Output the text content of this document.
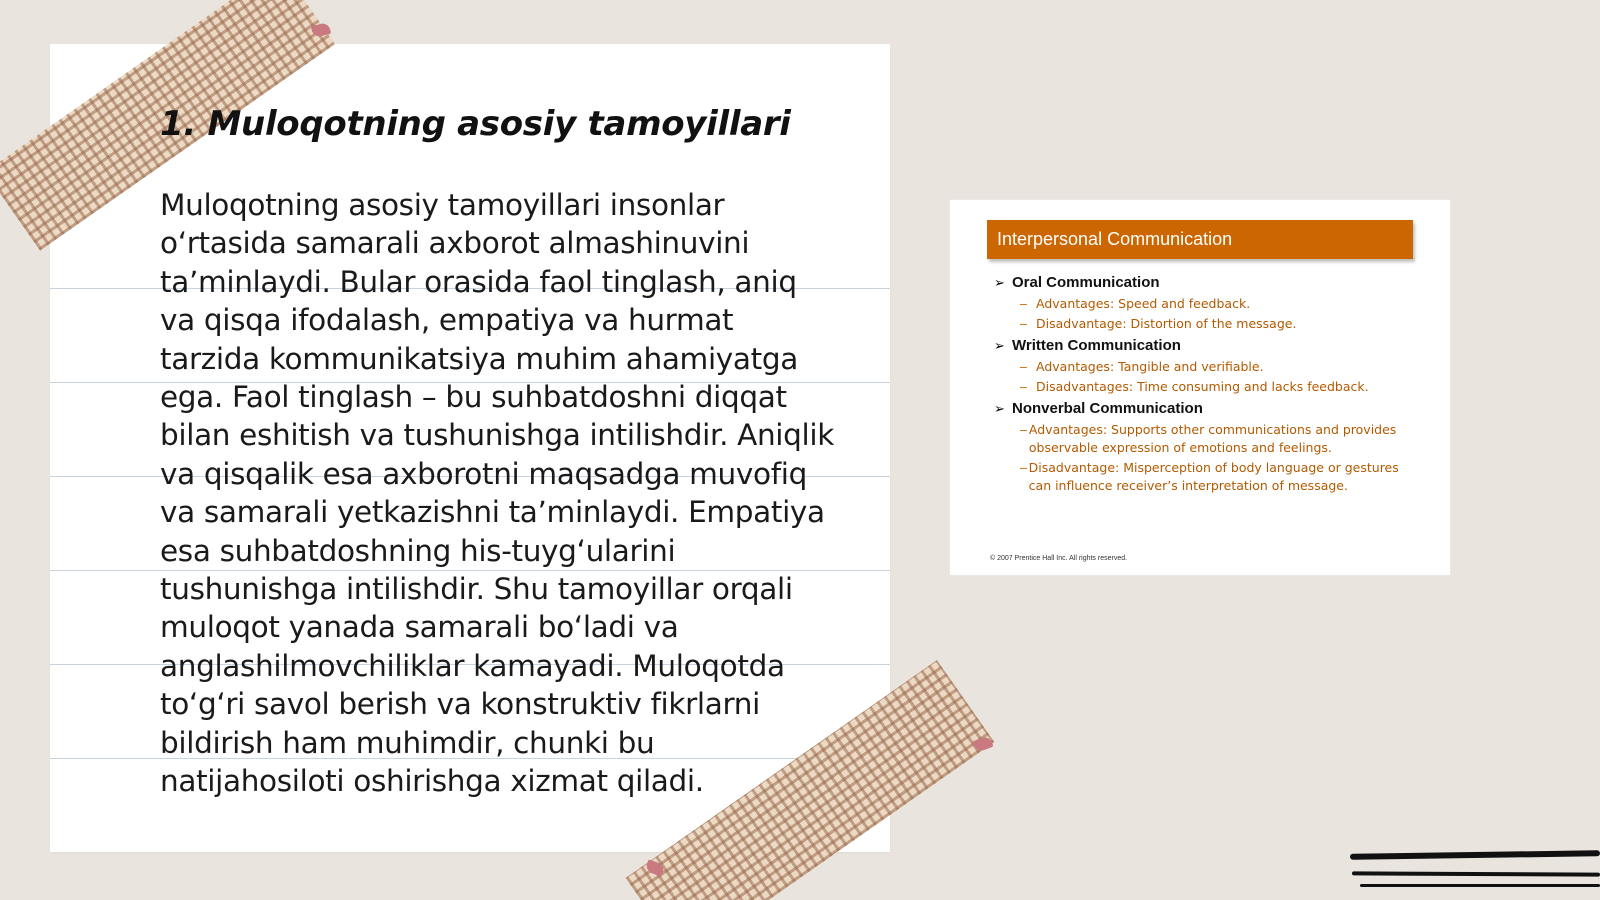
1. Muloqotning asosiy tamoyillari

Muloqotning asosiy tamoyillari insonlar oʻrtasida samarali axborot almashinuvini taʼminlaydi. Bular orasida faol tinglash, aniq va qisqa ifodalash, empatiya va hurmat tarzida kommunikatsiya muhim ahamiyatga ega. Faol tinglash – bu suhbatdoshni diqqat bilan eshitish va tushunishga intilishdir. Aniqlik va qisqalik esa axborotni maqsadga muvofiq va samarali yetkazishni taʼminlaydi. Empatiya esa suhbatdoshning his-tuygʻularini tushunishga intilishdir. Shu tamoyillar orqali muloqot yanada samarali boʻladi va anglashilmovchiliklar kamayadi. Muloqotda toʻgʻri savol berish va konstruktiv fikrlarni bildirish ham muhimdir, chunki bu natijahosiloti oshirishga xizmat qiladi.

Interpersonal Communication
➢ Oral Communication
– Advantages: Speed and feedback.
– Disadvantage: Distortion of the message.
➢ Written Communication
– Advantages: Tangible and verifiable.
– Disadvantages: Time consuming and lacks feedback.
➢ Nonverbal Communication
– Advantages: Supports other communications and provides observable expression of emotions and feelings.
– Disadvantage: Misperception of body language or gestures can influence receiver’s interpretation of message.
© 2007 Prentice Hall Inc. All rights reserved.
